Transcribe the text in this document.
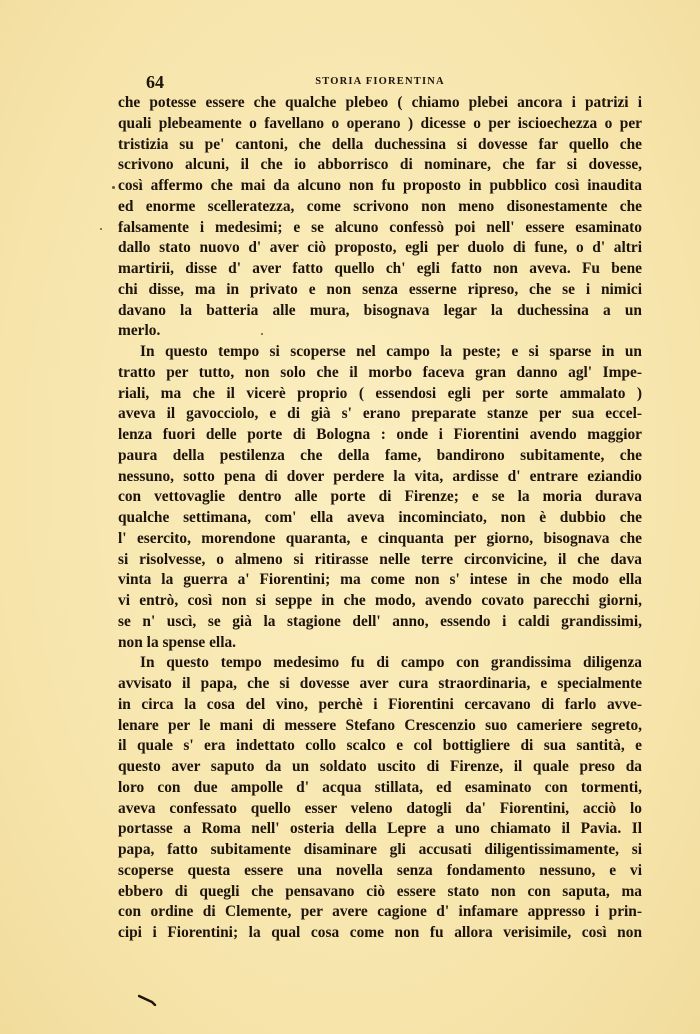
64	STORIA FIORENTINA
che potesse essere che qualche plebeo ( chiamo plebei ancora i patrizi i
quali plebeamente o favellano o operano ) dicesse o per iscioechezza o per
tristizia su pe' cantoni, che della duchessina si dovesse far quello che
scrivono alcuni, il che io abborrisco di nominare, che far si dovesse,
così affermo che mai da alcuno non fu proposto in pubblico così inaudita
ed enorme scelleratezza, come scrivono non meno disonestamente che
falsamente i medesimi; e se alcuno confessò poi nell' essere esaminato
dallo stato nuovo d' aver ciò proposto, egli per duolo di fune, o d' altri
martirii, disse d' aver fatto quello ch' egli fatto non aveva. Fu bene
chi disse, ma in privato e non senza esserne ripreso, che se i nimici
davano la batteria alle mura, bisognava legar la duchessina a un
merlo.
In questo tempo si scoperse nel campo la peste; e si sparse in un
tratto per tutto, non solo che il morbo faceva gran danno agl' Impe-
riali, ma che il vicerè proprio ( essendosi egli per sorte ammalato )
aveva il gavocciolo, e di già s' erano preparate stanze per sua eccel-
lenza fuori delle porte di Bologna : onde i Fiorentini avendo maggior
paura della pestilenza che della fame, bandirono subitamente, che
nessuno, sotto pena di dover perdere la vita, ardisse d' entrare eziandio
con vettovaglie dentro alle porte di Firenze; e se la moria durava
qualche settimana, com' ella aveva incominciato, non è dubbio che
l' esercito, morendone quaranta, e cinquanta per giorno, bisognava che
si risolvesse, o almeno si ritirasse nelle terre circonvicine, il che dava
vinta la guerra a' Fiorentini; ma come non s' intese in che modo ella
vi entrò, così non si seppe in che modo, avendo covato parecchi giorni,
se n' uscì, se già la stagione dell' anno, essendo i caldi grandissimi,
non la spense ella.
In questo tempo medesimo fu di campo con grandissima diligenza
avvisato il papa, che si dovesse aver cura straordinaria, e specialmente
in circa la cosa del vino, perchè i Fiorentini cercavano di farlo avve-
lenare per le mani di messere Stefano Crescenzio suo cameriere segreto,
il quale s' era indettato collo scalco e col bottigliere di sua santità, e
questo aver saputo da un soldato uscito di Firenze, il quale preso da
loro con due ampolle d' acqua stillata, ed esaminato con tormenti,
aveva confessato quello esser veleno datogli da' Fiorentini, acciò lo
portasse a Roma nell' osteria della Lepre a uno chiamato il Pavia. Il
papa, fatto subitamente disaminare gli accusati diligentissimamente, si
scoperse questa essere una novella senza fondamento nessuno, e vi
ebbero di quegli che pensavano ciò essere stato non con saputa, ma
con ordine di Clemente, per avere cagione d' infamare appresso i prin-
cipi i Fiorentini; la qual cosa come non fu allora verisimile, così non
